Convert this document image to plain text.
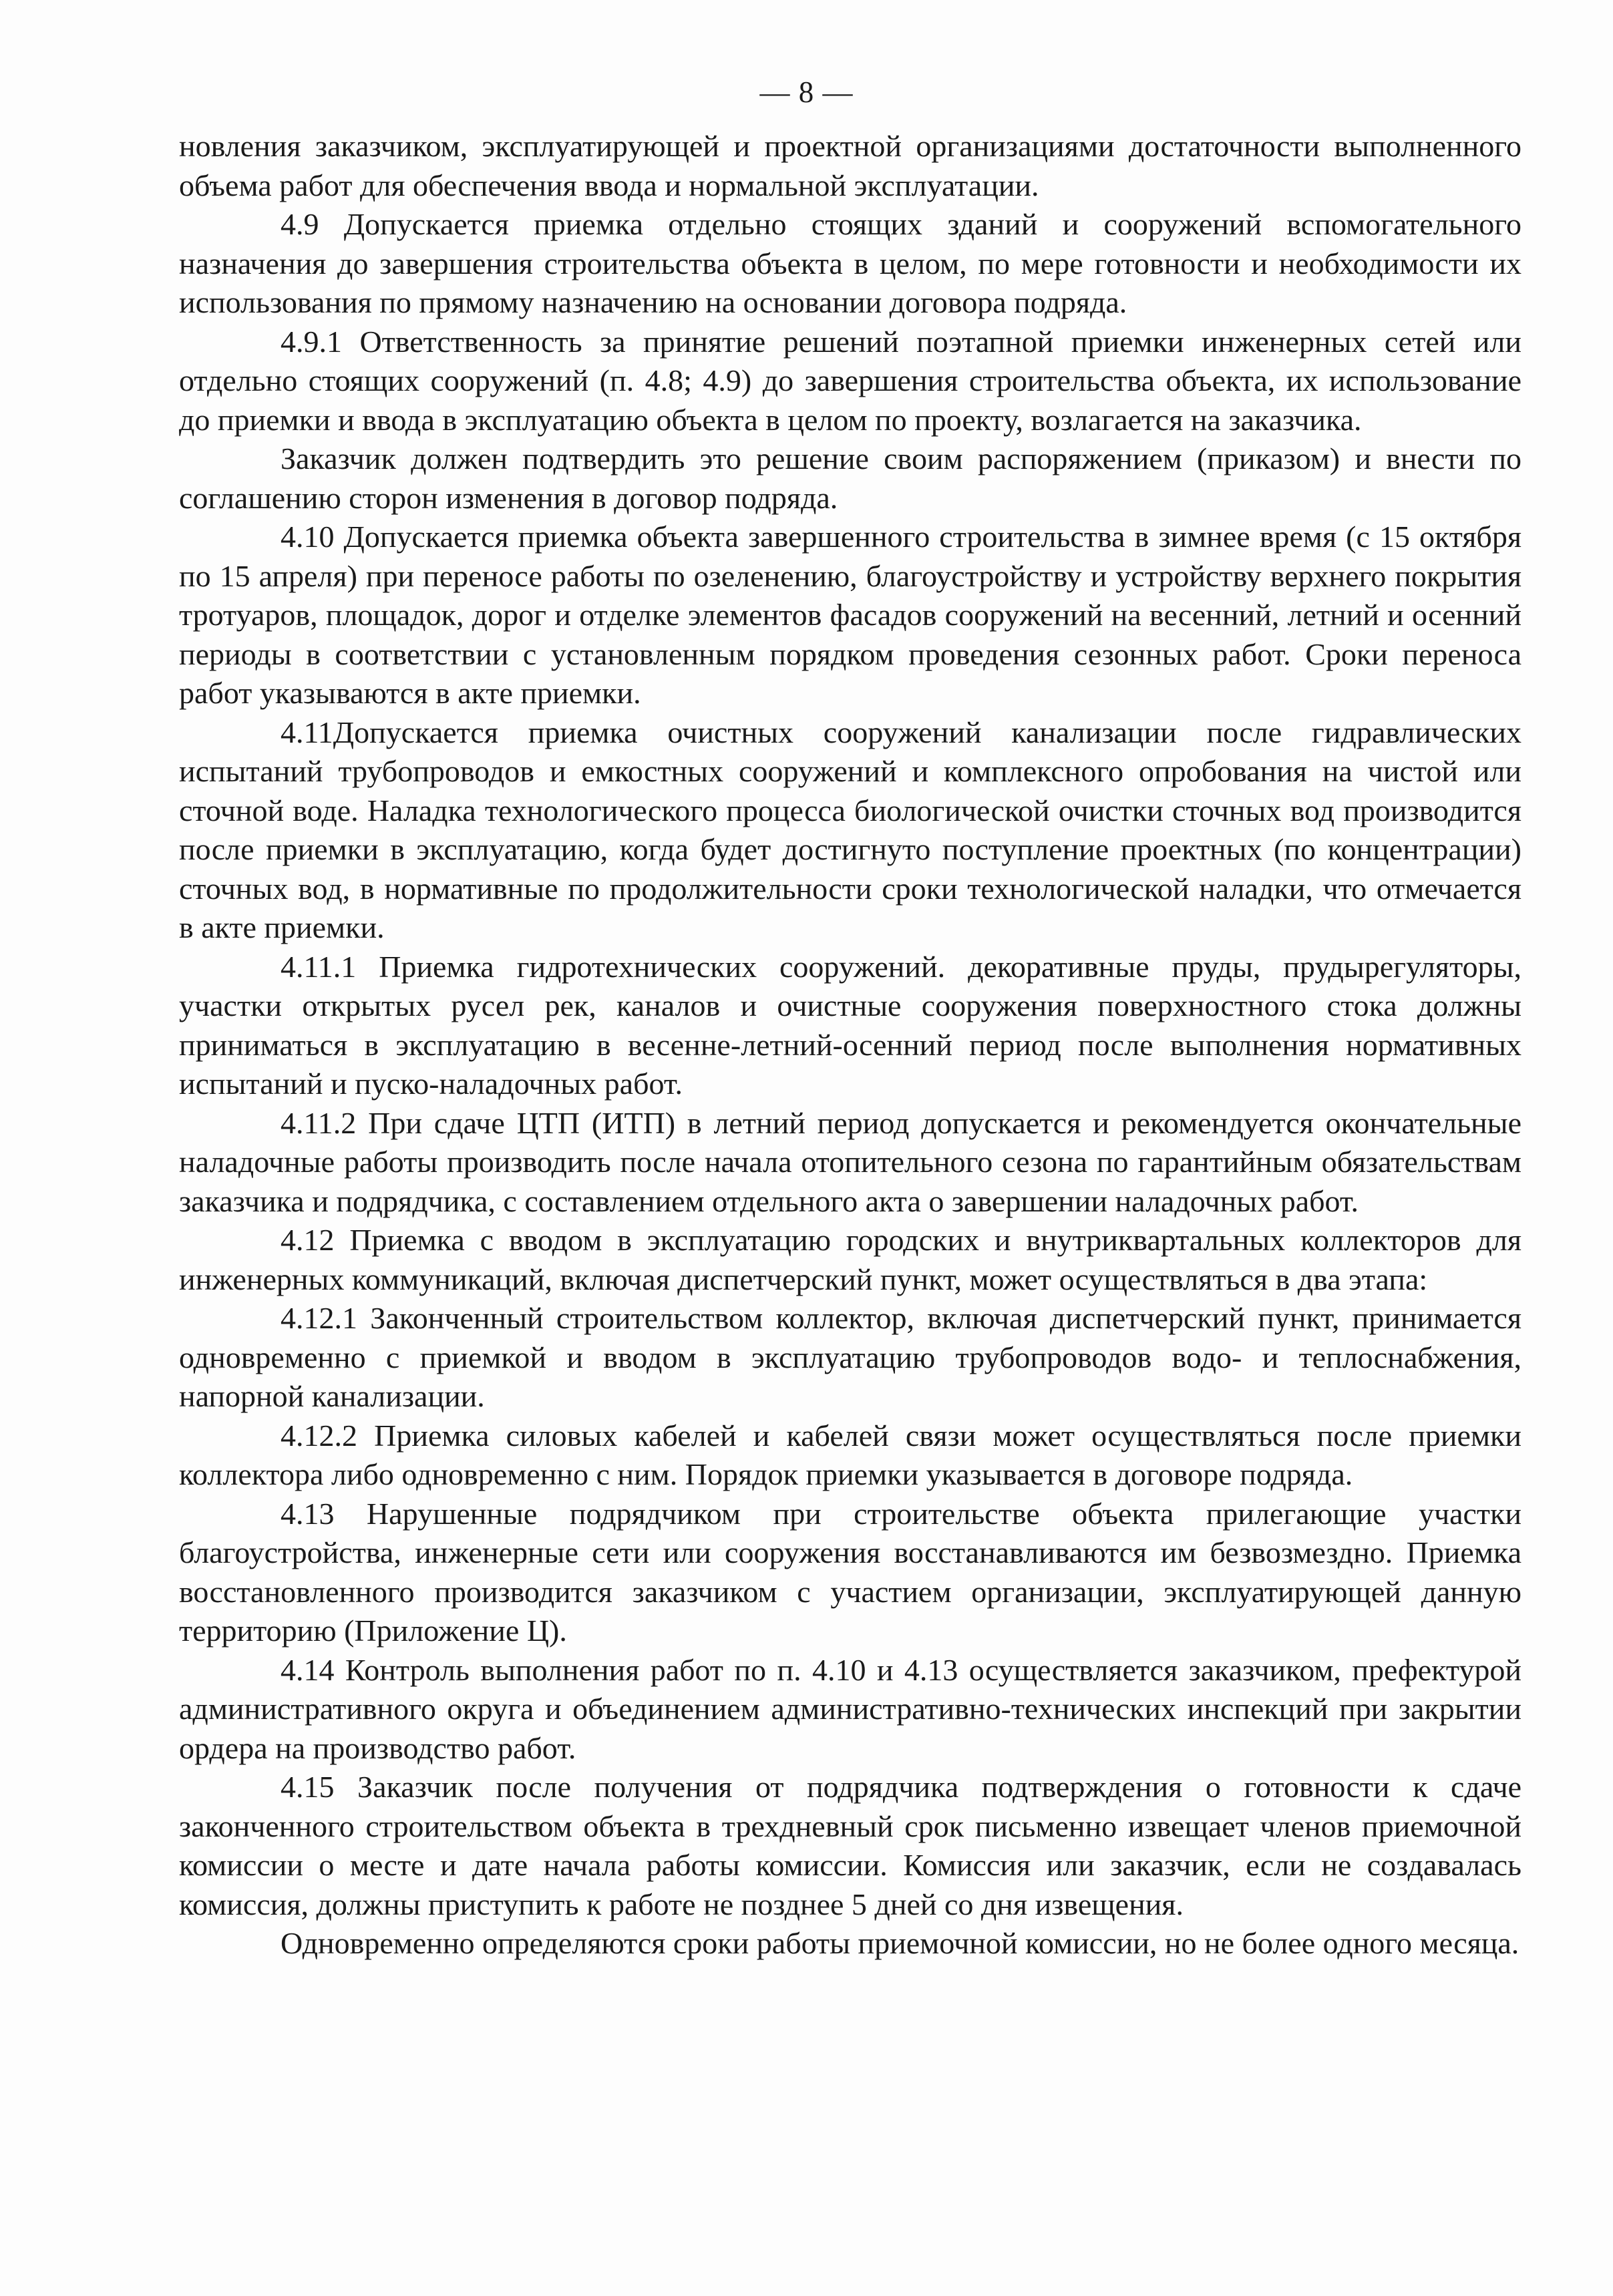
— 8 —

новления заказчиком, эксплуатирующей и проектной организациями достаточности выполненного объема работ для обеспечения ввода и нормальной эксплуатации.

4.9 Допускается приемка отдельно стоящих зданий и сооружений вспомогательного назначения до завершения строительства объекта в целом, по мере готовности и необходимости их использования по прямому назначению на основании договора подряда.

4.9.1 Ответственность за принятие решений поэтапной приемки инженерных сетей или отдельно стоящих сооружений (п. 4.8; 4.9) до завершения строительства объекта, их использование до приемки и ввода в эксплуатацию объекта в целом по проекту, возлагается на заказчика.

Заказчик должен подтвердить это решение своим распоряжением (приказом) и внести по соглашению сторон изменения в договор подряда.

4.10 Допускается приемка объекта завершенного строительства в зимнее время (с 15 октября по 15 апреля) при переносе работы по озеленению, благоустройству и устройству верхнего покрытия тротуаров, площадок, дорог и отделке элементов фасадов сооружений на весенний, летний и осенний периоды в соответствии с установленным порядком проведения сезонных работ. Сроки переноса работ указываются в акте приемки.

4.11Допускается приемка очистных сооружений канализации после гидравлических испытаний трубопроводов и емкостных сооружений и комплексного опробования на чистой или сточной воде. Наладка технологического процесса биологической очистки сточных вод производится после приемки в эксплуатацию, когда будет достигнуто поступление проектных (по концентрации) сточных вод, в нормативные по продолжительности сроки технологической наладки, что отмечается в акте приемки.

4.11.1 Приемка гидротехнических сооружений. декоративные пруды, прудырегуляторы, участки открытых русел рек, каналов и очистные сооружения поверхностного стока должны приниматься в эксплуатацию в весенне-летний-осенний период после выполнения нормативных испытаний и пуско-наладочных работ.

4.11.2 При сдаче ЦТП (ИТП) в летний период допускается и рекомендуется окончательные наладочные работы производить после начала отопительного сезона по гарантийным обязательствам заказчика и подрядчика, с составлением отдельного акта о завершении наладочных работ.

4.12 Приемка с вводом в эксплуатацию городских и внутриквартальных коллекторов для инженерных коммуникаций, включая диспетчерский пункт, может осуществляться в два этапа:

4.12.1 Законченный строительством коллектор, включая диспетчерский пункт, принимается одновременно с приемкой и вводом в эксплуатацию трубопроводов водо- и теплоснабжения, напорной канализации.

4.12.2 Приемка силовых кабелей и кабелей связи может осуществляться после приемки коллектора либо одновременно с ним. Порядок приемки указывается в договоре подряда.

4.13 Нарушенные подрядчиком при строительстве объекта прилегающие участки благоустройства, инженерные сети или сооружения восстанавливаются им безвозмездно. Приемка восстановленного производится заказчиком с участием организации, эксплуатирующей данную территорию (Приложение Ц).

4.14 Контроль выполнения работ по п. 4.10 и 4.13 осуществляется заказчиком, префектурой административного округа и объединением административно-технических инспекций при закрытии ордера на производство работ.

4.15 Заказчик после получения от подрядчика подтверждения о готовности к сдаче законченного строительством объекта в трехдневный срок письменно извещает членов приемочной комиссии о месте и дате начала работы комиссии. Комиссия или заказчик, если не создавалась комиссия, должны приступить к работе не позднее 5 дней со дня извещения.

Одновременно определяются сроки работы приемочной комиссии, но не более одного месяца.
